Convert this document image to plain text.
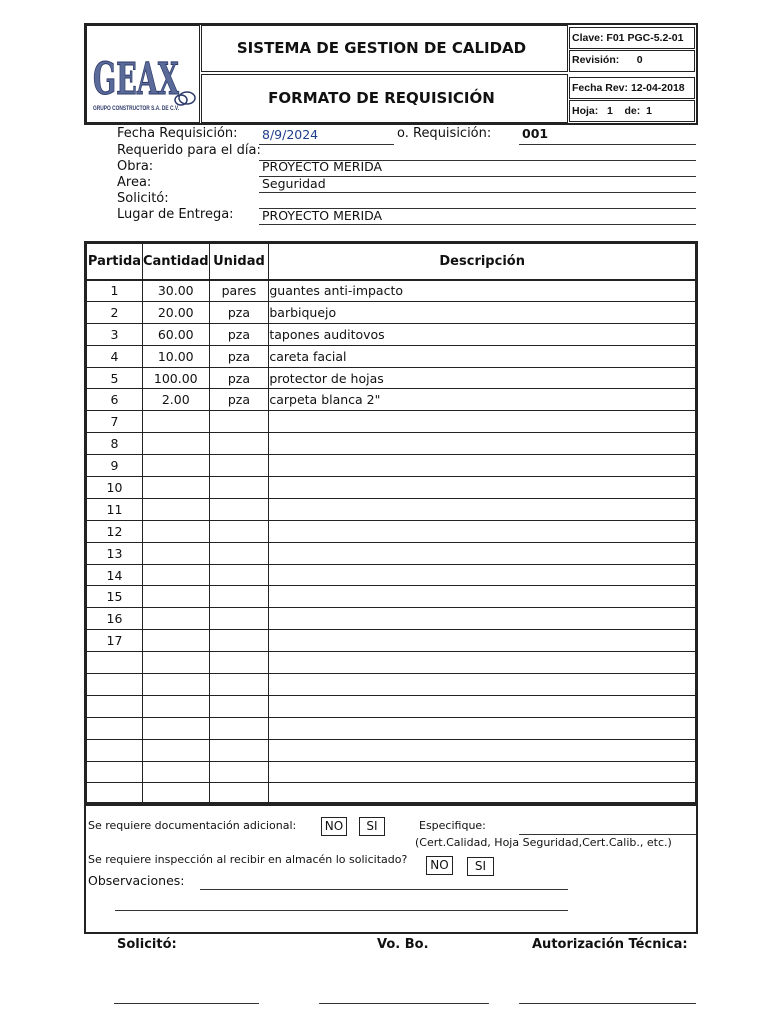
GEAX
GRUPO CONSTRUCTOR S.A. DE C.V.
SISTEMA DE GESTION DE CALIDAD
FORMATO DE REQUISICIÓN
Clave: F01 PGC-5.2-01
Revisión:      0
Fecha Rev: 12-04-2018
Hoja:   1    de:  1
Fecha Requisición: 8/9/2024	o. Requisición: 001
Requerido para el día:
Obra:	PROYECTO MERIDA
Area:	Seguridad
Solicitó:
Lugar de Entrega: PROYECTO MERIDA
Partida	Cantidad	Unidad	Descripción
1	30.00	pares	guantes anti-impacto
2	20.00	pza	barbiquejo
3	60.00	pza	tapones auditovos
4	10.00	pza	careta facial
5	100.00	pza	protector de hojas
6	2.00	pza	carpeta blanca 2"
7			
8			
9			
10			
11			
12			
13			
14			
15			
16			
17			

Se requiere documentación adicional:	NO	SI	Especifique:
(Cert.Calidad, Hoja Seguridad,Cert.Calib., etc.)
Se requiere inspección al recibir en almacén lo solicitado?	NO	SI
Observaciones:
Solicitó:	Vo. Bo.	Autorización Técnica:
